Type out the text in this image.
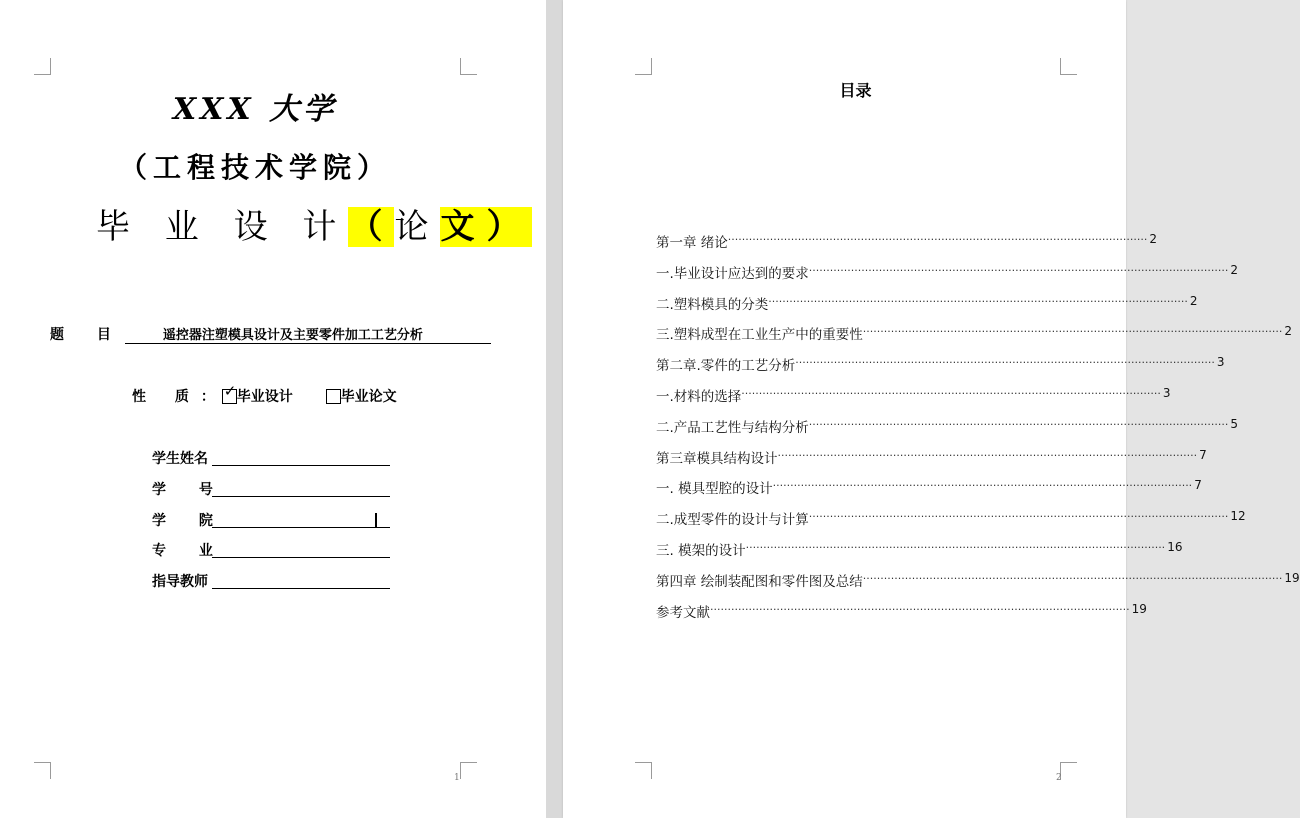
XXX 大学
（工程技术学院）
毕 业 设 计（论文）
题 目	遥控器注塑模具设计及主要零件加工工艺分析
性 质：
✓ 毕业设计	毕业论文
学生姓名
学 号
学 院
专 业
指导教师
1
目录
第一章 绪论 ························································································································ 2
一.毕业设计应达到的要求 ························································································································ 2
二.塑料模具的分类 ························································································································ 2
三.塑料成型在工业生产中的重要性 ························································································································ 2
第二章.零件的工艺分析 ························································································································ 3
一.材料的选择 ························································································································ 3
二.产品工艺性与结构分析 ························································································································ 5
第三章模具结构设计 ························································································································ 7
一. 模具型腔的设计 ························································································································ 7
二.成型零件的设计与计算 ························································································································ 12
三. 模架的设计 ························································································································ 16
第四章 绘制装配图和零件图及总结 ························································································································ 19
参考文献 ························································································································ 19
2
